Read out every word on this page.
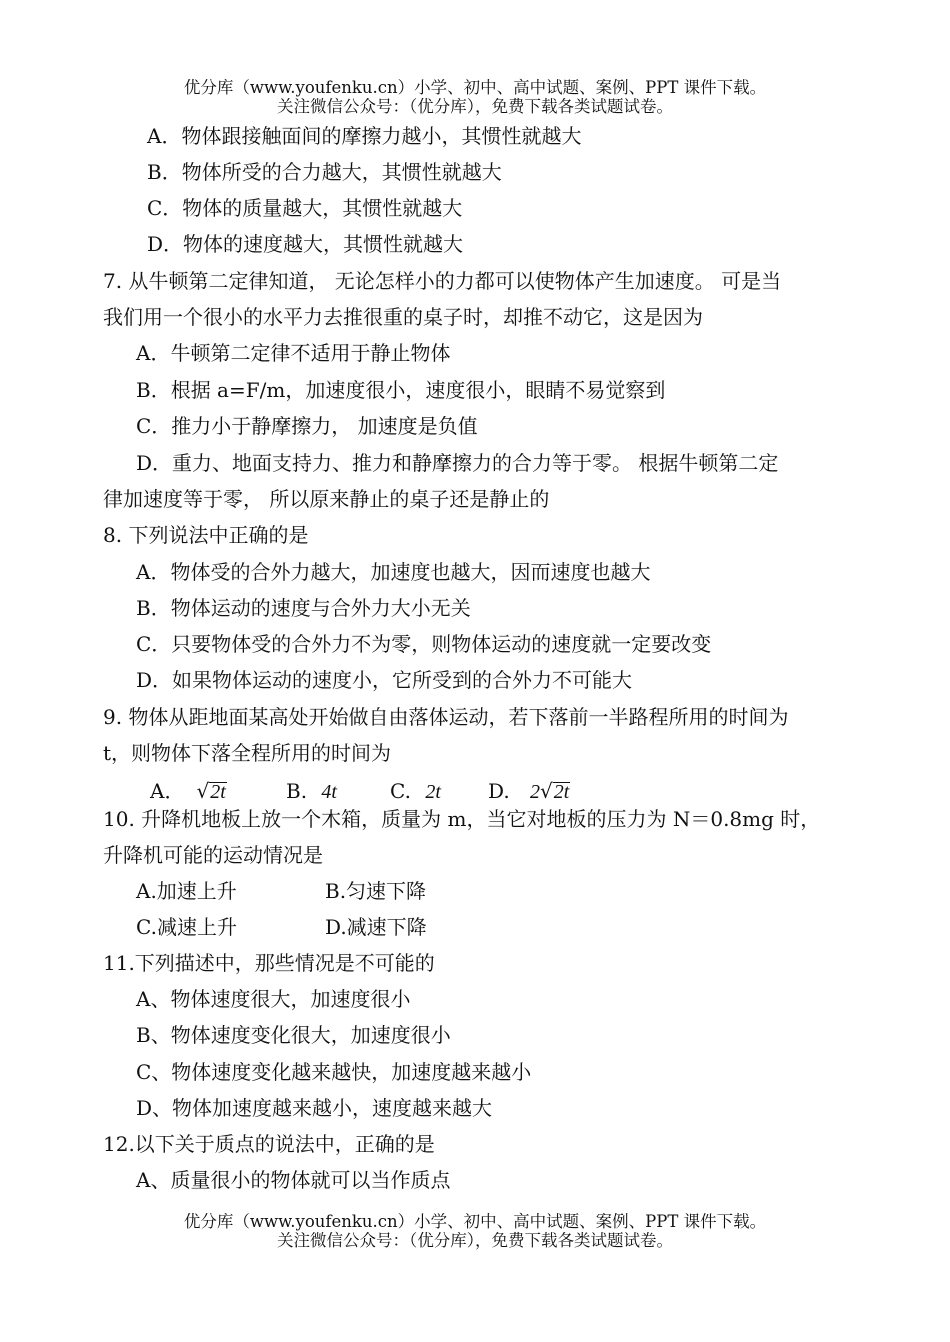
优分库（www.youfenku.cn）小学、初中、高中试题、案例、PPT 课件下载。
关注微信公众号：（优分库），免费下载各类试题试卷。
A．物体跟接触面间的摩擦力越小，其惯性就越大
B．物体所受的合力越大，其惯性就越大
C．物体的质量越大，其惯性就越大
D．物体的速度越大，其惯性就越大
7. 从牛顿第二定律知道， 无论怎样小的力都可以使物体产生加速度。 可是当
我们用一个很小的水平力去推很重的桌子时，却推不动它，这是因为
A．牛顿第二定律不适用于静止物体
B．根据 a=F/m，加速度很小，速度很小，眼睛不易觉察到
C．推力小于静摩擦力， 加速度是负值
D．重力、地面支持力、推力和静摩擦力的合力等于零。 根据牛顿第二定
律加速度等于零， 所以原来静止的桌子还是静止的
8. 下列说法中正确的是
A．物体受的合外力越大，加速度也越大，因而速度也越大
B．物体运动的速度与合外力大小无关
C．只要物体受的合外力不为零，则物体运动的速度就一定要改变
D．如果物体运动的速度小，它所受到的合外力不可能大
9. 物体从距地面某高处开始做自由落体运动，若下落前一半路程所用的时间为
t，则物体下落全程所用的时间为
A． √2t	B. 4t	C. 2t D. 2√2t
10. 升降机地板上放一个木箱，质量为 m，当它对地板的压力为 N＝0.8mg 时，
升降机可能的运动情况是
A.加速上升	B.匀速下降
C.减速上升	D.减速下降
11.下列描述中，那些情况是不可能的
A、物体速度很大，加速度很小
B、物体速度变化很大，加速度很小
C、物体速度变化越来越快，加速度越来越小
D、物体加速度越来越小，速度越来越大
12.以下关于质点的说法中，正确的是
A、质量很小的物体就可以当作质点
优分库（www.youfenku.cn）小学、初中、高中试题、案例、PPT 课件下载。
关注微信公众号：（优分库），免费下载各类试题试卷。
